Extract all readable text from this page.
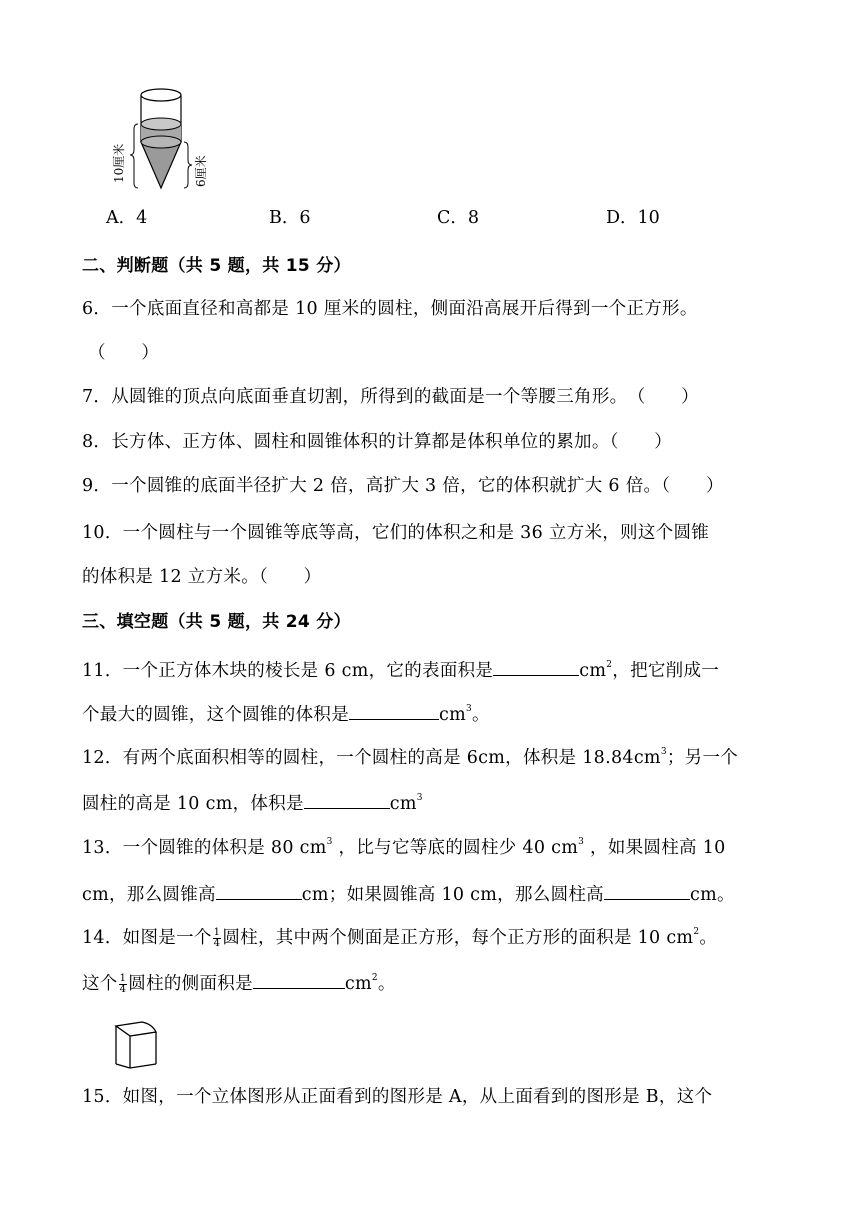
10厘米	6厘米
A．4	B．6	C．8	D．10
二、判断题（共 5 题，共 15 分）
6．一个底面直径和高都是 10 厘米的圆柱，侧面沿高展开后得到一个正方形。
（　　）
7．从圆锥的顶点向底面垂直切割，所得到的截面是一个等腰三角形。　（　　）
8．长方体、正方体、圆柱和圆锥体积的计算都是体积单位的累加。（　　）
9．一个圆锥的底面半径扩大 2 倍，高扩大 3 倍，它的体积就扩大 6 倍。（　　）
10．一个圆柱与一个圆锥等底等高，它们的体积之和是 36 立方米，则这个圆锥
的体积是 12 立方米。（　　）
三、填空题（共 5 题，共 24 分）
11．一个正方体木块的棱长是 6 cm，它的表面积是	$cm^2$，把它削成一
个最大的圆锥，这个圆锥的体积是	$cm^3$。
12．有两个底面积相等的圆柱，一个圆柱的高是 6cm，体积是 $18.84cm^3$；另一个
圆柱的高是 10 cm，体积是	$cm^3$
13．一个圆锥的体积是 80 $cm^3$ ，比与它等底的圆柱少 40 $cm^3$ ，如果圆柱高 10
cm，那么圆锥高	cm；如果圆锥高 10 cm，那么圆柱高	cm。
14．如图是一个 $\frac{1}{4}$ 圆柱，其中两个侧面是正方形，每个正方形的面积是 10 $cm^2$。
这个 $\frac{1}{4}$ 圆柱的侧面积是	$cm^2$。
15．如图，一个立体图形从正面看到的图形是 A，从上面看到的图形是 B，这个
